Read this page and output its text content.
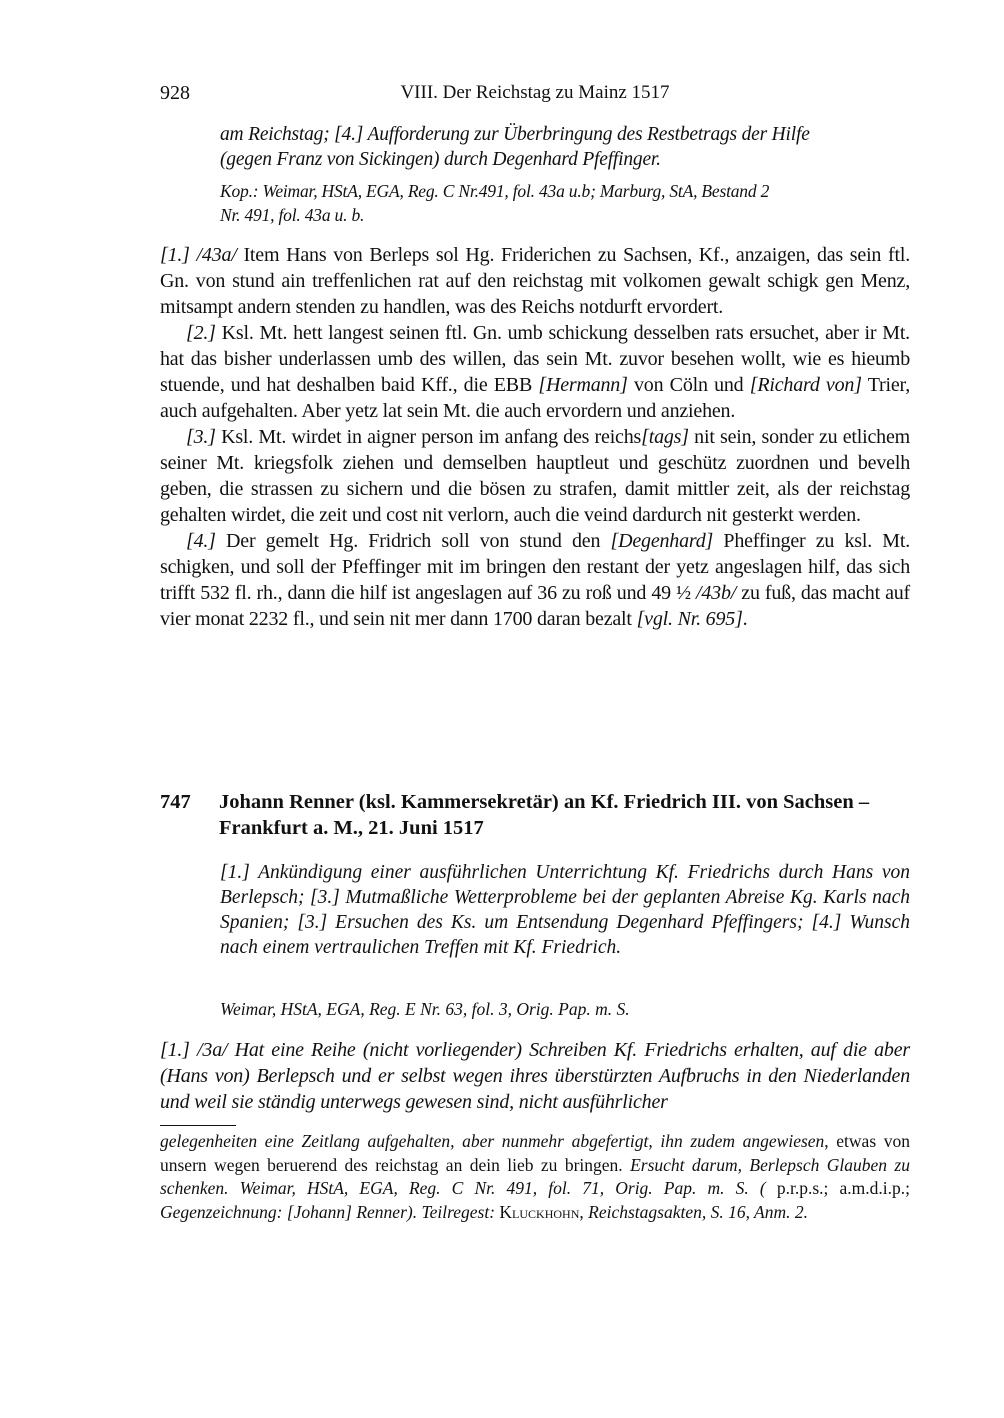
928	VIII. Der Reichstag zu Mainz 1517
am Reichstag; [4.] Aufforderung zur Überbringung des Restbetrags der Hilfe
(gegen Franz von Sickingen) durch Degenhard Pfeffinger.
Kop.: Weimar, HStA, EGA, Reg. C Nr.491, fol. 43a u.b; Marburg, StA, Bestand 2
Nr. 491, fol. 43a u. b.

[1.] /43a/ Item Hans von Berleps sol Hg. Friderichen zu Sachsen, Kf., anzaigen, das sein ftl. Gn. von stund ain treffenlichen rat auf den reichstag mit volkomen gewalt schigk gen Menz, mitsampt andern stenden zu handlen, was des Reichs notdurft ervordert.

[2.] Ksl. Mt. hett langest seinen ftl. Gn. umb schickung desselben rats ersuchet, aber ir Mt. hat das bisher underlassen umb des willen, das sein Mt. zuvor besehen wollt, wie es hieumb stuende, und hat deshalben baid Kff., die EBB [Hermann] von Cöln und [Richard von] Trier, auch aufgehalten. Aber yetz lat sein Mt. die auch ervordern und anziehen.

[3.] Ksl. Mt. wirdet in aigner person im anfang des reichs[tags] nit sein, sonder zu etlichem seiner Mt. kriegsfolk ziehen und demselben hauptleut und geschütz zuordnen und bevelh geben, die strassen zu sichern und die bösen zu strafen, damit mittler zeit, als der reichstag gehalten wirdet, die zeit und cost nit verlorn, auch die veind dardurch nit gesterkt werden.

[4.] Der gemelt Hg. Fridrich soll von stund den [Degenhard] Pheffinger zu ksl. Mt. schigken, und soll der Pfeffinger mit im bringen den restant der yetz angeslagen hilf, das sich trifft 532 fl. rh., dann die hilf ist angeslagen auf 36 zu roß und 49 ½ /43b/ zu fuß, das macht auf vier monat 2232 fl., und sein nit mer dann 1700 daran bezalt [vgl. Nr. 695].

747 Johann Renner (ksl. Kammersekretär) an Kf. Friedrich III. von Sachsen – Frankfurt a. M., 21. Juni 1517
[1.] Ankündigung einer ausführlichen Unterrichtung Kf. Friedrichs durch Hans von Berlepsch; [3.] Mutmaßliche Wetterprobleme bei der geplanten Abreise Kg. Karls nach Spanien; [3.] Ersuchen des Ks. um Entsendung Degenhard Pfeffingers; [4.] Wunsch nach einem vertraulichen Treffen mit Kf. Friedrich.
Weimar, HStA, EGA, Reg. E Nr. 63, fol. 3, Orig. Pap. m. S.

[1.] /3a/ Hat eine Reihe (nicht vorliegender) Schreiben Kf. Friedrichs erhalten, auf die aber (Hans von) Berlepsch und er selbst wegen ihres überstürzten Aufbruchs in den Niederlanden und weil sie ständig unterwegs gewesen sind, nicht ausführlicher

gelegenheiten eine Zeitlang aufgehalten, aber nunmehr abgefertigt, ihn zudem angewiesen, etwas von unsern wegen beruerend des reichstag an dein lieb zu bringen. Ersucht darum, Berlepsch Glauben zu schenken. Weimar, HStA, EGA, Reg. C Nr. 491, fol. 71, Orig. Pap. m. S. ( p.r.p.s.; a.m.d.i.p.; Gegenzeichnung: [Johann] Renner). Teilregest: Kluckhohn, Reichstagsakten, S. 16, Anm. 2.
